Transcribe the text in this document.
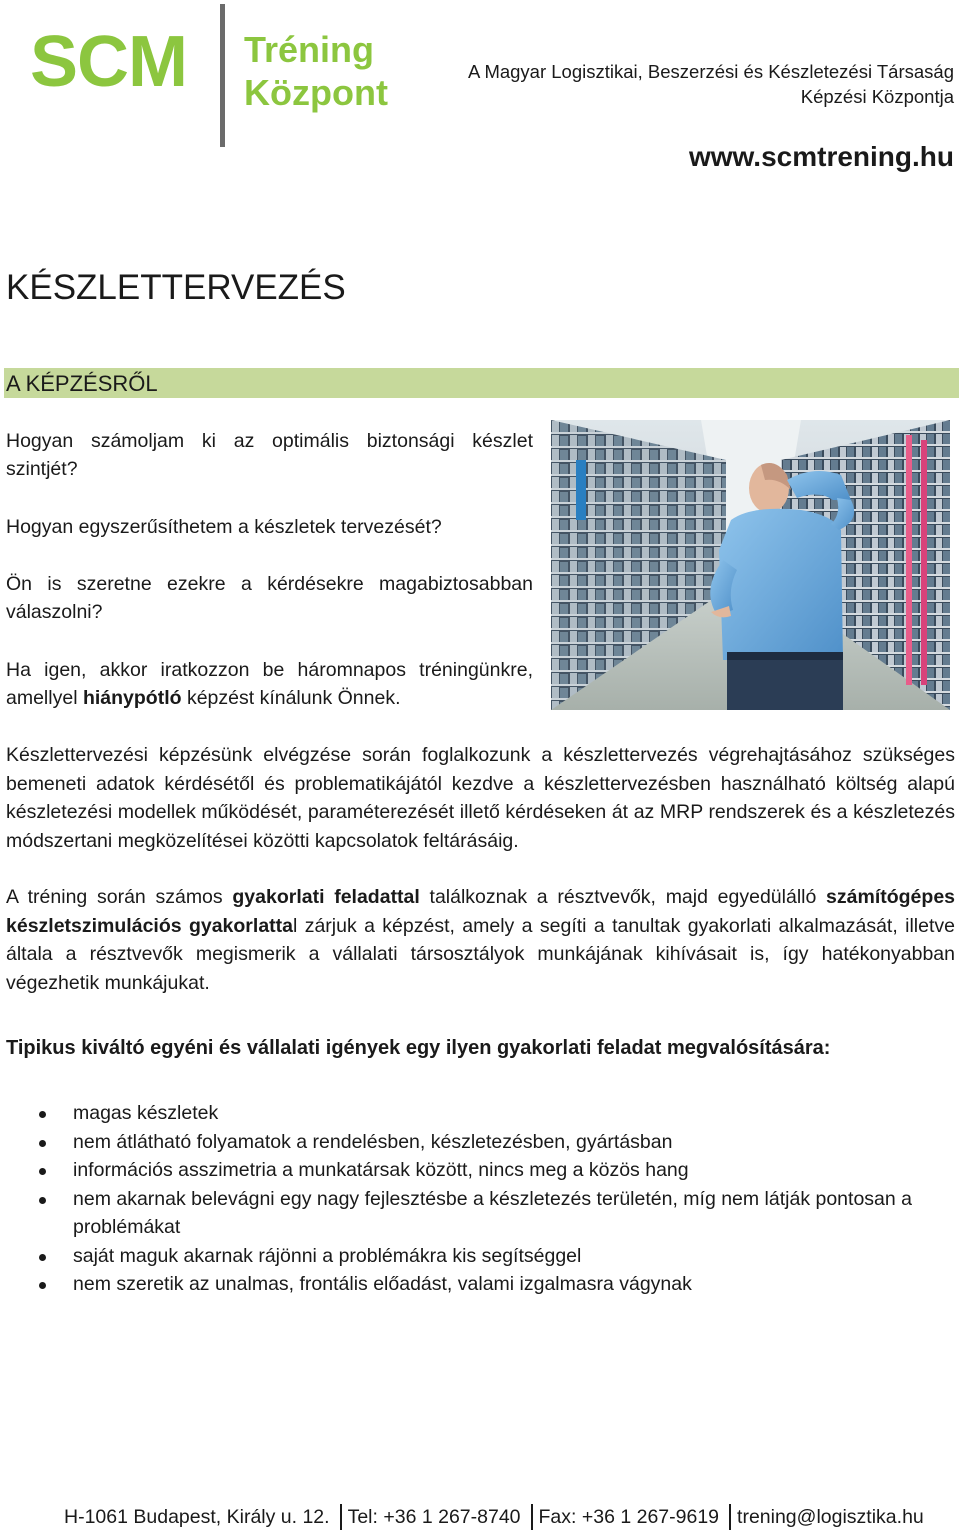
SCM Tréning
Központ
A Magyar Logisztikai, Beszerzési és Készletezési Társaság
Képzési Központja
www.scmtrening.hu
KÉSZLETTERVEZÉS
A KÉPZÉSRŐL
Hogyan számoljam ki az optimális biztonsági készlet
szintjét?
Hogyan egyszerűsíthetem a készletek tervezését?
Ön is szeretne ezekre a kérdésekre magabiztosabban
válaszolni?
Ha igen, akkor iratkozzon be háromnapos tréningünkre,
amellyel hiánypótló képzést kínálunk Önnek.
Készlettervezési képzésünk elvégzése során foglalkozunk a készlettervezés végrehajtásához szükséges bemeneti adatok kérdésétől és problematikájától kezdve a készlettervezésben használható költség alapú készletezési modellek működését, paraméterezését illető kérdéseken át az MRP rendszerek és a készletezés módszertani megközelítései közötti kapcsolatok feltárásáig.
A tréning során számos gyakorlati feladattal találkoznak a résztvevők, majd egyedülálló számítógépes készletszimulációs gyakorlattal zárjuk a képzést, amely a segíti a tanultak gyakorlati alkalmazását, illetve általa a résztvevők megismerik a vállalati társosztályok munkájának kihívásait is, így hatékonyabban végezhetik munkájukat.
Tipikus kiváltó egyéni és vállalati igények egy ilyen gyakorlati feladat megvalósítására:
magas készletek
nem átlátható folyamatok a rendelésben, készletezésben, gyártásban
információs asszimetria a munkatársak között, nincs meg a közös hang
nem akarnak belevágni egy nagy fejlesztésbe a készletezés területén, míg nem látják pontosan a problémákat
saját maguk akarnak rájönni a problémákra kis segítséggel
nem szeretik az unalmas, frontális előadást, valami izgalmasra vágynak
H-1061 Budapest, Király u. 12. Tel: +36 1 267-8740 Fax: +36 1 267-9619 trening@logisztika.hu
